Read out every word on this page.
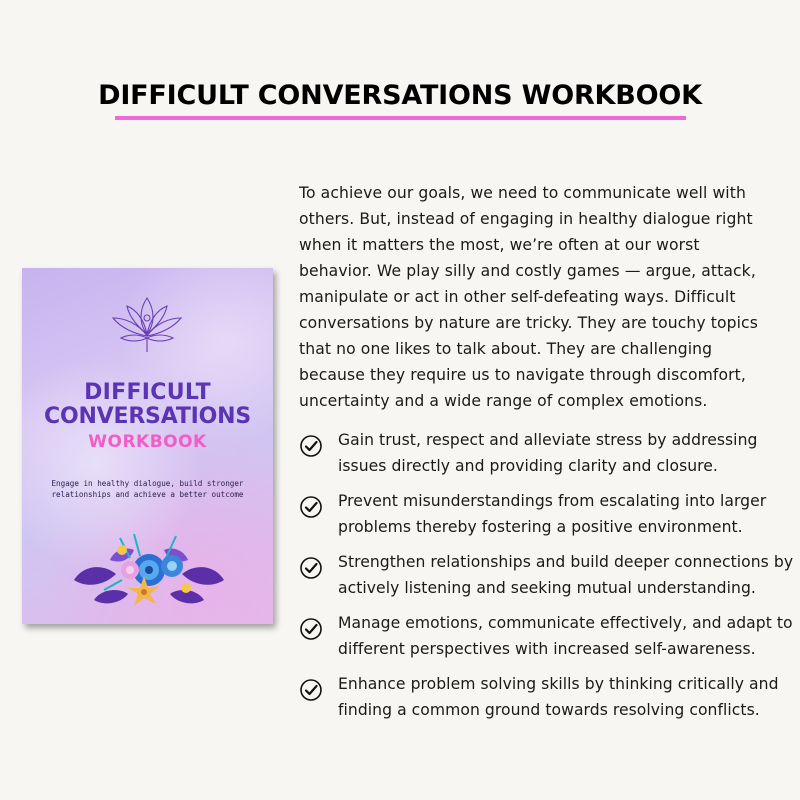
DIFFICULT CONVERSATIONS WORKBOOK
DIFFICULT
CONVERSATIONS
WORKBOOK
Engage in healthy dialogue, build stronger relationships and achieve a better outcome
To achieve our goals, we need to communicate well with others. But, instead of engaging in healthy dialogue right when it matters the most, we’re often at our worst behavior. We play silly and costly games — argue, attack, manipulate or act in other self-defeating ways. Difficult conversations by nature are tricky. They are touchy topics that no one likes to talk about. They are challenging because they require us to navigate through discomfort, uncertainty and a wide range of complex emotions.
Gain trust, respect and alleviate stress by addressing issues directly and providing clarity and closure.
Prevent misunderstandings from escalating into larger problems thereby fostering a positive environment.
Strengthen relationships and build deeper connections by actively listening and seeking mutual understanding.
Manage emotions, communicate effectively, and adapt to different perspectives with increased self-awareness.
Enhance problem solving skills by thinking critically and finding a common ground towards resolving conflicts.
